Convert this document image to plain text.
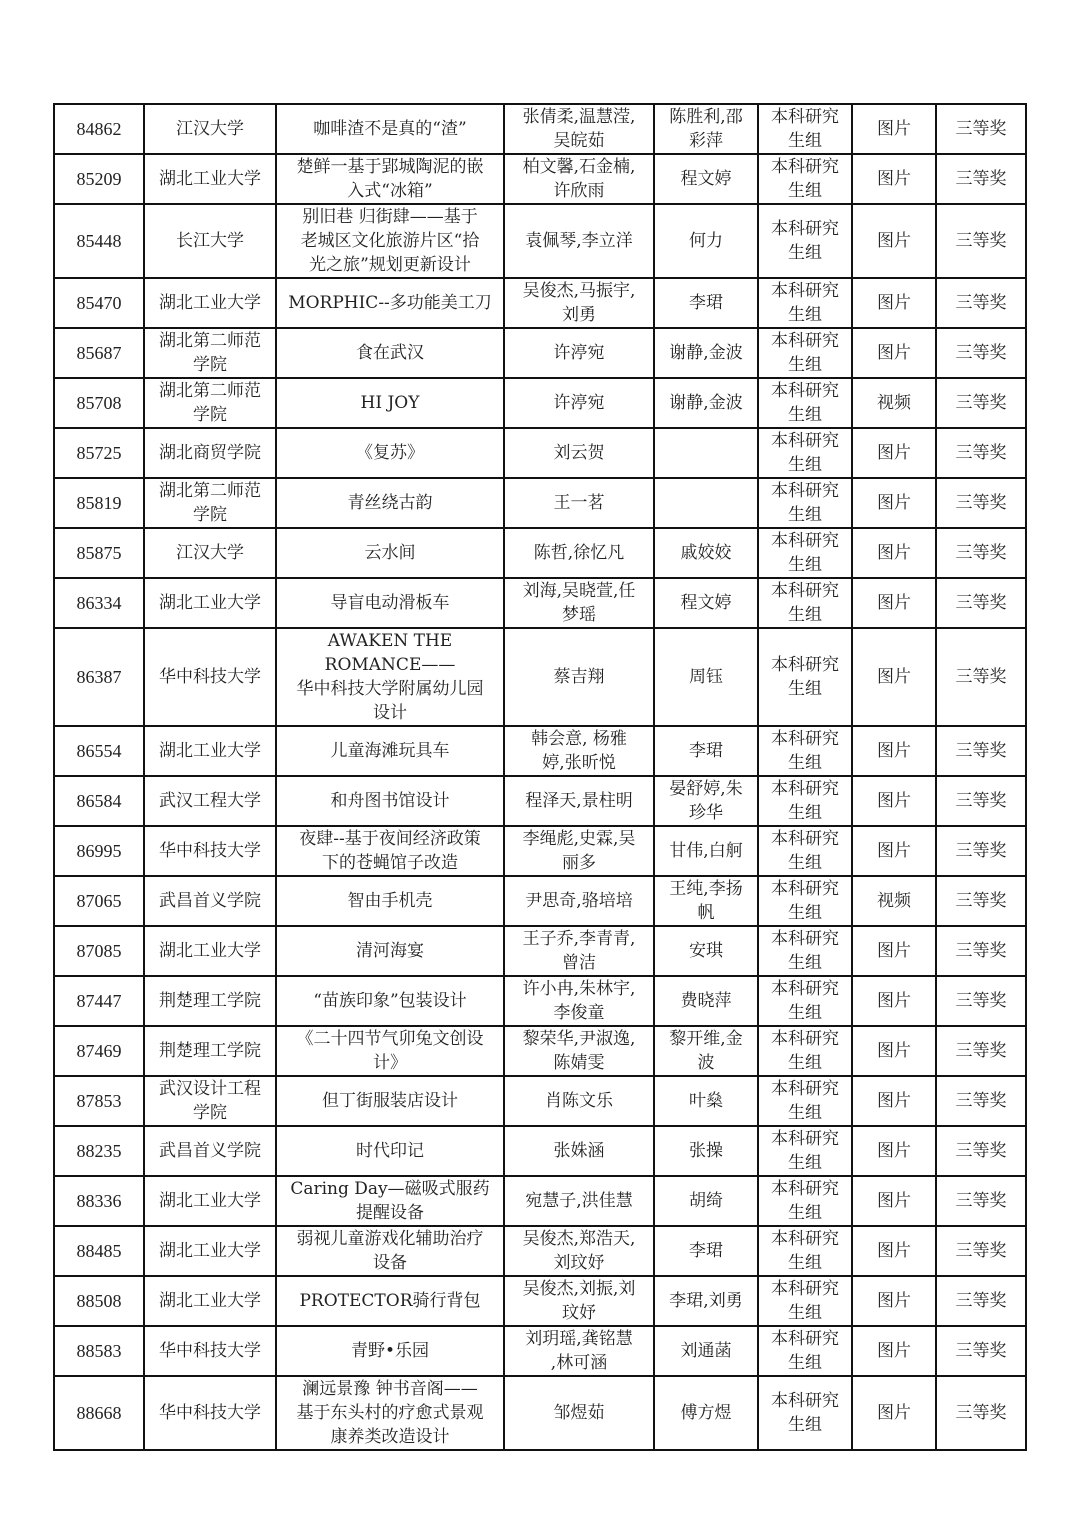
84862	江汉大学	咖啡渣不是真的“渣”	张倩柔,温慧滢,
吴皖茹	陈胜利,邵
彩萍	本科研究
生组	图片	三等奖
85209	湖北工业大学	楚鲜一基于郢城陶泥的嵌
入式“冰箱”	柏文馨,石金楠,
许欣雨	程文婷	本科研究
生组	图片	三等奖
85448	长江大学	别旧巷 归街肆——基于
老城区文化旅游片区“拾
光之旅”规划更新设计	袁佩琴,李立洋	何力	本科研究
生组	图片	三等奖
85470	湖北工业大学	MORPHIC--多功能美工刀	吴俊杰,马振宇,
刘勇	李珺	本科研究
生组	图片	三等奖
85687	湖北第二师范
学院	食在武汉	许渟宛	谢静,金波	本科研究
生组	图片	三等奖
85708	湖北第二师范
学院	HI JOY	许渟宛	谢静,金波	本科研究
生组	视频	三等奖
85725	湖北商贸学院	《复苏》	刘云贺		本科研究
生组	图片	三等奖
85819	湖北第二师范
学院	青丝绕古韵	王一茗		本科研究
生组	图片	三等奖
85875	江汉大学	云水间	陈哲,徐忆凡	戚姣姣	本科研究
生组	图片	三等奖
86334	湖北工业大学	导盲电动滑板车	刘海,吴晓萱,任
梦瑶	程文婷	本科研究
生组	图片	三等奖
86387	华中科技大学	AWAKEN THE ROMANCE——
华中科技大学附属幼儿园
设计	蔡吉翔	周钰	本科研究
生组	图片	三等奖
86554	湖北工业大学	儿童海滩玩具车	韩会意, 杨雅
婷,张昕悦	李珺	本科研究
生组	图片	三等奖
86584	武汉工程大学	和舟图书馆设计	程泽天,景柱明	晏舒婷,朱
珍华	本科研究
生组	图片	三等奖
86995	华中科技大学	夜肆--基于夜间经济政策
下的苍蝇馆子改造	李绳彪,史霖,吴
丽多	甘伟,白舸	本科研究
生组	图片	三等奖
87065	武昌首义学院	智由手机壳	尹思奇,骆培培	王纯,李扬
帆	本科研究
生组	视频	三等奖
87085	湖北工业大学	清河海宴	王子乔,李青青,
曾洁	安琪	本科研究
生组	图片	三等奖
87447	荆楚理工学院	“苗族印象”包装设计	许小冉,朱林宇,
李俊童	费晓萍	本科研究
生组	图片	三等奖
87469	荆楚理工学院	《二十四节气卯兔文创设
计》	黎荣华,尹淑逸,
陈婧雯	黎开维,金
波	本科研究
生组	图片	三等奖
87853	武汉设计工程
学院	但丁街服装店设计	肖陈文乐	叶燊	本科研究
生组	图片	三等奖
88235	武昌首义学院	时代印记	张姝涵	张操	本科研究
生组	图片	三等奖
88336	湖北工业大学	Caring Day—磁吸式服药
提醒设备	宛慧子,洪佳慧	胡绮	本科研究
生组	图片	三等奖
88485	湖北工业大学	弱视儿童游戏化辅助治疗
设备	吴俊杰,郑浩天,
刘玟妤	李珺	本科研究
生组	图片	三等奖
88508	湖北工业大学	PROTECTOR骑行背包	吴俊杰,刘振,刘
玟妤	李珺,刘勇	本科研究
生组	图片	三等奖
88583	华中科技大学	青野•乐园	刘玥瑶,龚铭慧
,林可涵	刘通菡	本科研究
生组	图片	三等奖
88668	华中科技大学	澜远景豫 钟书音阁——
基于东头村的疗愈式景观
康养类改造设计	邹煜茹	傅方煜	本科研究
生组	图片	三等奖
